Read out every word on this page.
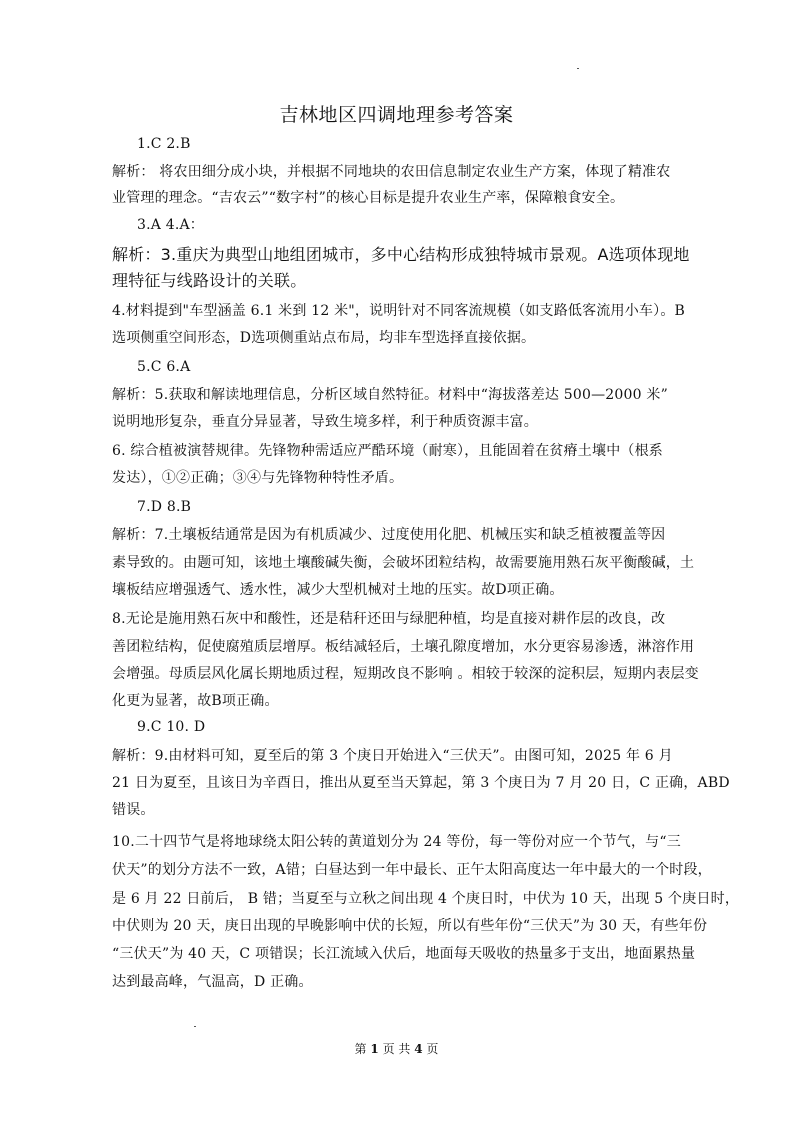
吉林地区四调地理参考答案
1.C 2.B
解析： 将农田细分成小块，并根据不同地块的农田信息制定农业生产方案，体现了精准农
业管理的理念。“吉农云”“数字村”的核心目标是提升农业生产率，保障粮食安全。
3.A 4.A：
解析：3.重庆为典型山地组团城市，多中心结构形成独特城市景观。A选项体现地
理特征与线路设计的关联。
4.材料提到"车型涵盖 6.1 米到 12 米"，说明针对不同客流规模（如支路低客流用小车）。B
选项侧重空间形态，D选项侧重站点布局，均非车型选择直接依据。
5.C 6.A
解析：5.获取和解读地理信息，分析区域自然特征。材料中“海拔落差达 500—2000 米”
说明地形复杂，垂直分异显著，导致生境多样，利于种质资源丰富。
6. 综合植被演替规律。先锋物种需适应严酷环境（耐寒），且能固着在贫瘠土壤中（根系
发达），①②正确；③④与先锋物种特性矛盾。
7.D 8.B
解析：7.土壤板结通常是因为有机质减少、过度使用化肥、机械压实和缺乏植被覆盖等因
素导致的。由题可知，该地土壤酸碱失衡，会破坏团粒结构，故需要施用熟石灰平衡酸碱，土
壤板结应增强透气、透水性，减少大型机械对土地的压实。故D项正确。
8.无论是施用熟石灰中和酸性，还是秸秆还田与绿肥种植，均是直接对耕作层的改良，改
善团粒结构，促使腐殖质层增厚。板结减轻后，土壤孔隙度增加，水分更容易渗透，淋溶作用
会增强。母质层风化属长期地质过程，短期改良不影响 。相较于较深的淀积层，短期内表层变
化更为显著，故B项正确。
9.C 10. D
解析：9.由材料可知，夏至后的第 3 个庚日开始进入“三伏天”。由图可知，2025 年 6 月
21 日为夏至，且该日为辛酉日，推出从夏至当天算起，第 3 个庚日为 7 月 20 日，C 正确，ABD
错误。
10.二十四节气是将地球绕太阳公转的黄道划分为 24 等份，每一等份对应一个节气，与“三
伏天”的划分方法不一致，A错；白昼达到一年中最长、正午太阳高度达一年中最大的一个时段，
是 6 月 22 日前后， B 错；当夏至与立秋之间出现 4 个庚日时，中伏为 10 天，出现 5 个庚日时，
中伏则为 20 天，庚日出现的早晚影响中伏的长短，所以有些年份“三伏天”为 30 天，有些年份
“三伏天”为 40 天，C 项错误；长江流域入伏后，地面每天吸收的热量多于支出，地面累热量
达到最高峰，气温高，D 正确。
第 1 页 共 4 页
